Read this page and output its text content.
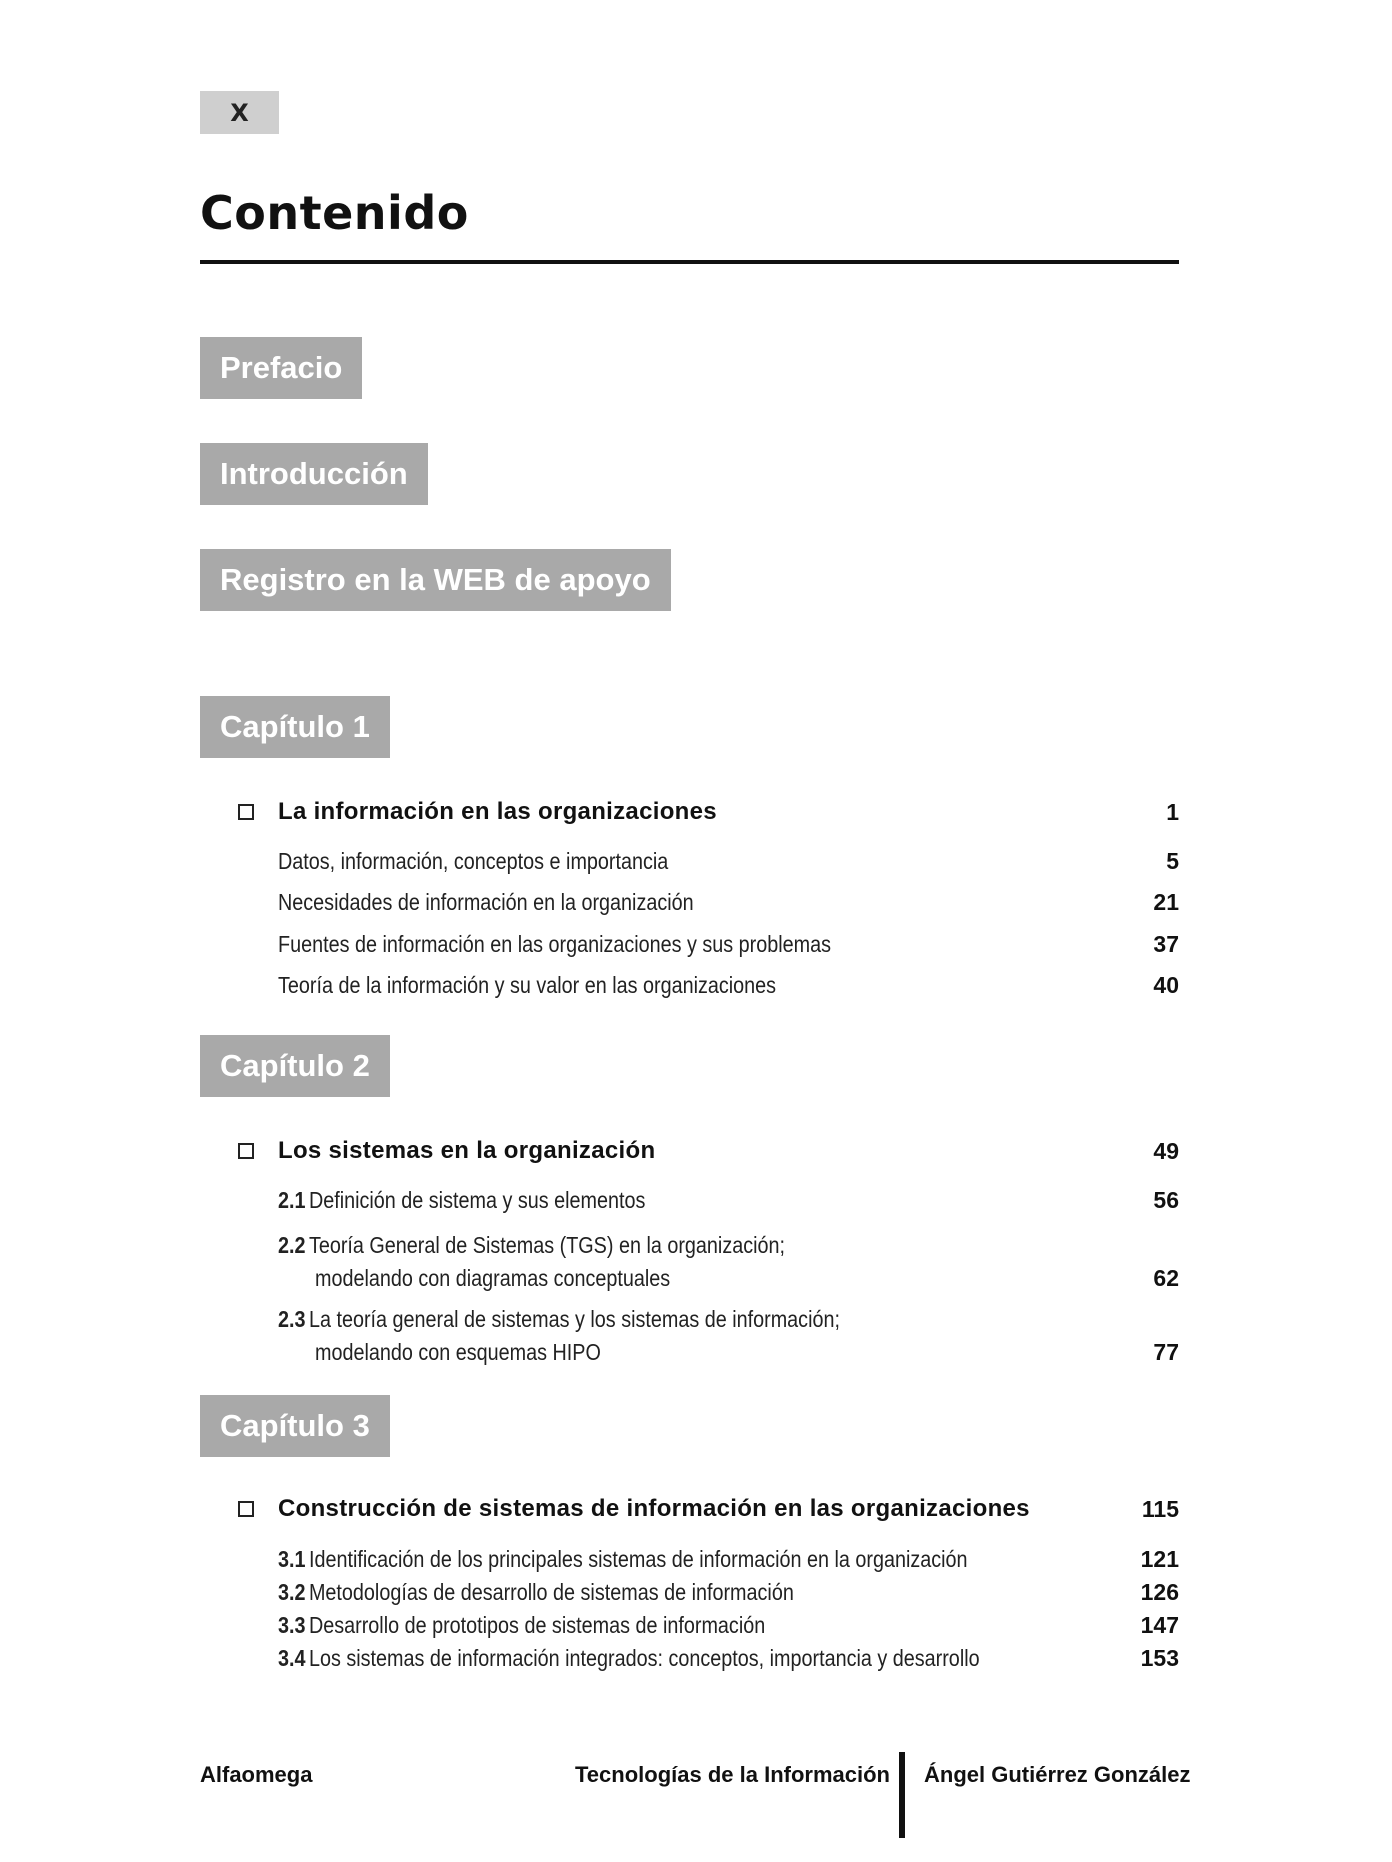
X
Contenido
Prefacio
Introducción
Registro en la WEB de apoyo
Capítulo 1
La información en las organizaciones	1
Datos, información, conceptos e importancia	5
Necesidades de información en la organización	21
Fuentes de información en las organizaciones y sus problemas	37
Teoría de la información y su valor en las organizaciones	40
Capítulo 2
Los sistemas en la organización	49
2.1 Definición de sistema y sus elementos	56
2.2 Teoría General de Sistemas (TGS) en la organización;
modelando con diagramas conceptuales	62
2.3 La teoría general de sistemas y los sistemas de información;
modelando con esquemas HIPO	77
Capítulo 3
Construcción de sistemas de información en las organizaciones	115
3.1 Identificación de los principales sistemas de información en la organización	121
3.2 Metodologías de desarrollo de sistemas de información	126
3.3 Desarrollo de prototipos de sistemas de información	147
3.4 Los sistemas de información integrados: conceptos, importancia y desarrollo	153
Alfaomega	Tecnologías de la Información Ángel Gutiérrez González
